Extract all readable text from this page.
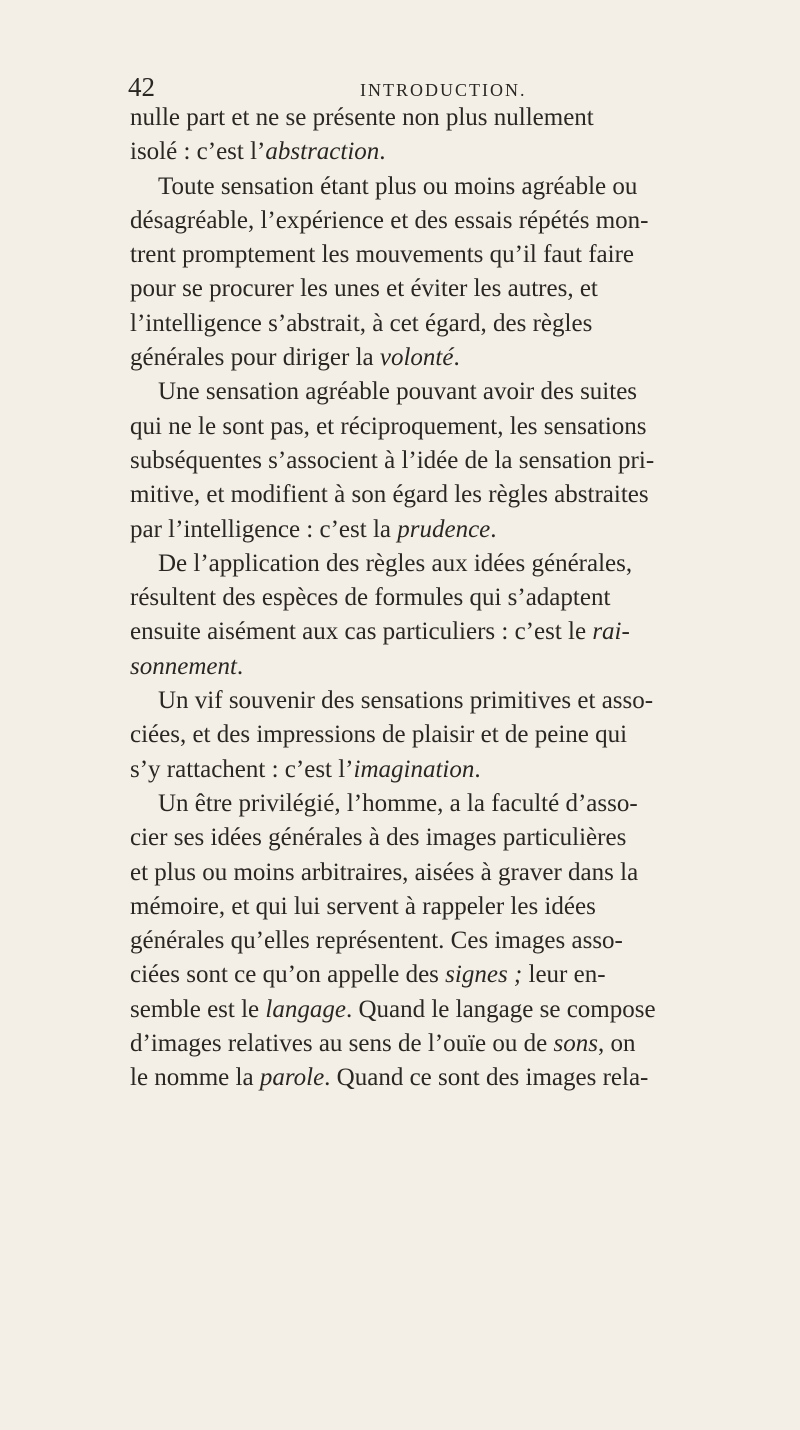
42	INTRODUCTION.
nulle part et ne se présente non plus nullement
isolé : c’est l’abstraction.
Toute sensation étant plus ou moins agréable ou
désagréable, l’expérience et des essais répétés mon-
trent promptement les mouvements qu’il faut faire
pour se procurer les unes et éviter les autres, et
l’intelligence s’abstrait, à cet égard, des règles
générales pour diriger la volonté.
Une sensation agréable pouvant avoir des suites
qui ne le sont pas, et réciproquement, les sensations
subséquentes s’associent à l’idée de la sensation pri-
mitive, et modifient à son égard les règles abstraites
par l’intelligence : c’est la prudence.
De l’application des règles aux idées générales,
résultent des espèces de formules qui s’adaptent
ensuite aisément aux cas particuliers : c’est le rai-
sonnement.
Un vif souvenir des sensations primitives et asso-
ciées, et des impressions de plaisir et de peine qui
s’y rattachent : c’est l’imagination.
Un être privilégié, l’homme, a la faculté d’asso-
cier ses idées générales à des images particulières
et plus ou moins arbitraires, aisées à graver dans la
mémoire, et qui lui servent à rappeler les idées
générales qu’elles représentent. Ces images asso-
ciées sont ce qu’on appelle des signes ; leur en-
semble est le langage. Quand le langage se compose
d’images relatives au sens de l’ouïe ou de sons, on
le nomme la parole. Quand ce sont des images rela-
